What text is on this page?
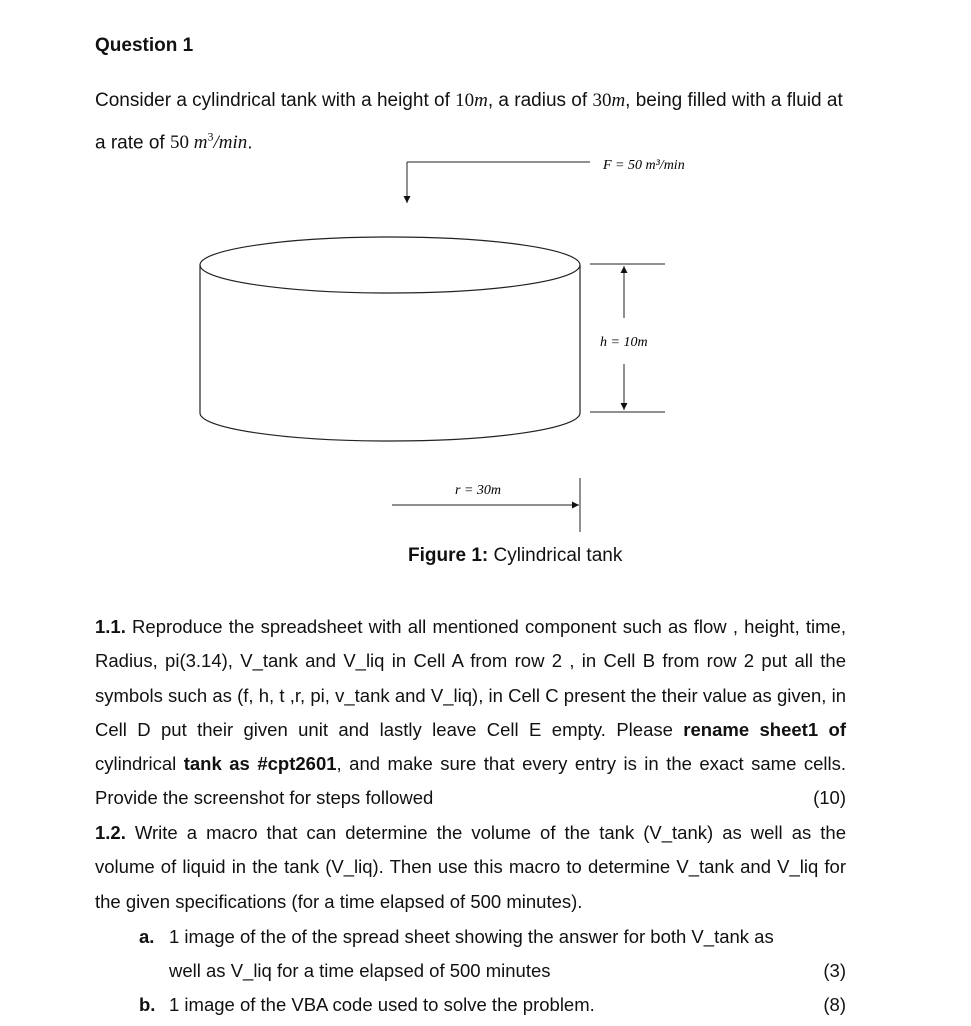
Question 1
Consider a cylindrical tank with a height of 10m, a radius of 30m, being filled with a fluid at a rate of 50 $m^3/\min$.
F = 50 m³/min
h = 10m
r = 30m
Figure 1: Cylindrical tank
1.1. Reproduce the spreadsheet with all mentioned component such as flow , height, time, Radius, pi(3.14), V_tank and V_liq in Cell A from row 2 , in Cell B from row 2 put all the symbols such as (f, h, t ,r, pi, v_tank and V_liq), in Cell C present the their value as given, in Cell D put their given unit and lastly leave Cell E empty. Please rename sheet1 of cylindrical tank as #cpt2601, and make sure that every entry is in the exact same cells. Provide the screenshot for steps followed	(10)
1.2. Write a macro that can determine the volume of the tank (V_tank) as well as the volume of liquid in the tank (V_liq). Then use this macro to determine V_tank and V_liq for the given specifications (for a time elapsed of 500 minutes).
a. 1 image of the of the spread sheet showing the answer for both V_tank as
well as V_liq for a time elapsed of 500 minutes	(3)
b. 1 image of the VBA code used to solve the problem.	(8)
